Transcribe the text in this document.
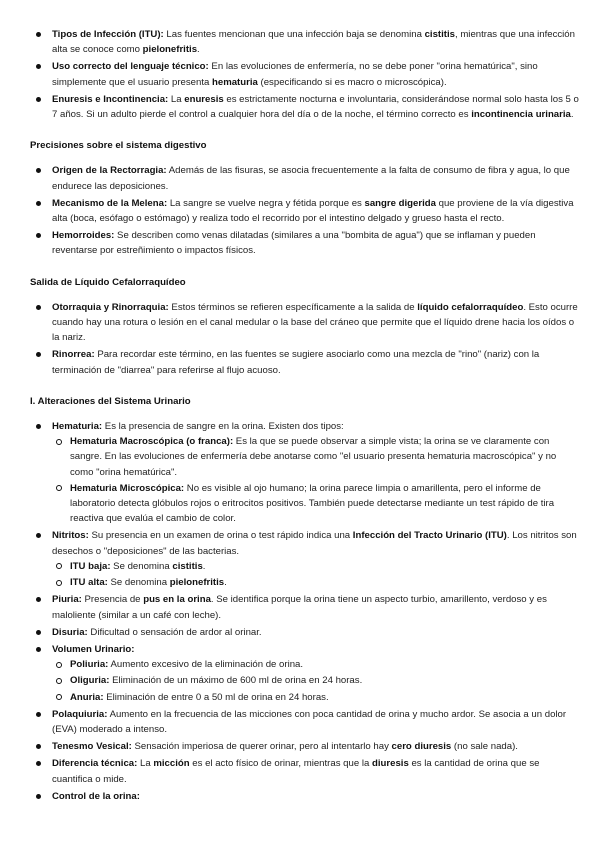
Tipos de Infección (ITU): Las fuentes mencionan que una infección baja se denomina cistitis, mientras que una infección alta se conoce como pielonefritis.
Uso correcto del lenguaje técnico: En las evoluciones de enfermería, no se debe poner "orina hematúrica", sino simplemente que el usuario presenta hematuria (especificando si es macro o microscópica).
Enuresis e Incontinencia: La enuresis es estrictamente nocturna e involuntaria, considerándose normal solo hasta los 5 o 7 años. Si un adulto pierde el control a cualquier hora del día o de la noche, el término correcto es incontinencia urinaria.
Precisiones sobre el sistema digestivo
Origen de la Rectorragia: Además de las fisuras, se asocia frecuentemente a la falta de consumo de fibra y agua, lo que endurece las deposiciones.
Mecanismo de la Melena: La sangre se vuelve negra y fétida porque es sangre digerida que proviene de la vía digestiva alta (boca, esófago o estómago) y realiza todo el recorrido por el intestino delgado y grueso hasta el recto.
Hemorroides: Se describen como venas dilatadas (similares a una "bombita de agua") que se inflaman y pueden reventarse por estreñimiento o impactos físicos.
Salida de Líquido Cefalorraquídeo
Otorraquia y Rinorraquia: Estos términos se refieren específicamente a la salida de líquido cefalorraquídeo. Esto ocurre cuando hay una rotura o lesión en el canal medular o la base del cráneo que permite que el líquido drene hacia los oídos o la nariz.
Rinorrea: Para recordar este término, en las fuentes se sugiere asociarlo como una mezcla de "rino" (nariz) con la terminación de "diarrea" para referirse al flujo acuoso.
I. Alteraciones del Sistema Urinario
Hematuria: Es la presencia de sangre en la orina. Existen dos tipos:
Hematuria Macroscópica (o franca): Es la que se puede observar a simple vista; la orina se ve claramente con sangre. En las evoluciones de enfermería debe anotarse como "el usuario presenta hematuria macroscópica" y no como "orina hematúrica".
Hematuria Microscópica: No es visible al ojo humano; la orina parece limpia o amarillenta, pero el informe de laboratorio detecta glóbulos rojos o eritrocitos positivos. También puede detectarse mediante un test rápido de tira reactiva que evalúa el cambio de color.
Nitritos: Su presencia en un examen de orina o test rápido indica una Infección del Tracto Urinario (ITU). Los nitritos son desechos o "deposiciones" de las bacterias.
ITU baja: Se denomina cistitis.
ITU alta: Se denomina pielonefritis.
Piuria: Presencia de pus en la orina. Se identifica porque la orina tiene un aspecto turbio, amarillento, verdoso y es maloliente (similar a un café con leche).
Disuria: Dificultad o sensación de ardor al orinar.
Volumen Urinario:
Poliuria: Aumento excesivo de la eliminación de orina.
Oliguria: Eliminación de un máximo de 600 ml de orina en 24 horas.
Anuria: Eliminación de entre 0 a 50 ml de orina en 24 horas.
Polaquiuria: Aumento en la frecuencia de las micciones con poca cantidad de orina y mucho ardor. Se asocia a un dolor (EVA) moderado a intenso.
Tenesmo Vesical: Sensación imperiosa de querer orinar, pero al intentarlo hay cero diuresis (no sale nada).
Diferencia técnica: La micción es el acto físico de orinar, mientras que la diuresis es la cantidad de orina que se cuantifica o mide.
Control de la orina:
